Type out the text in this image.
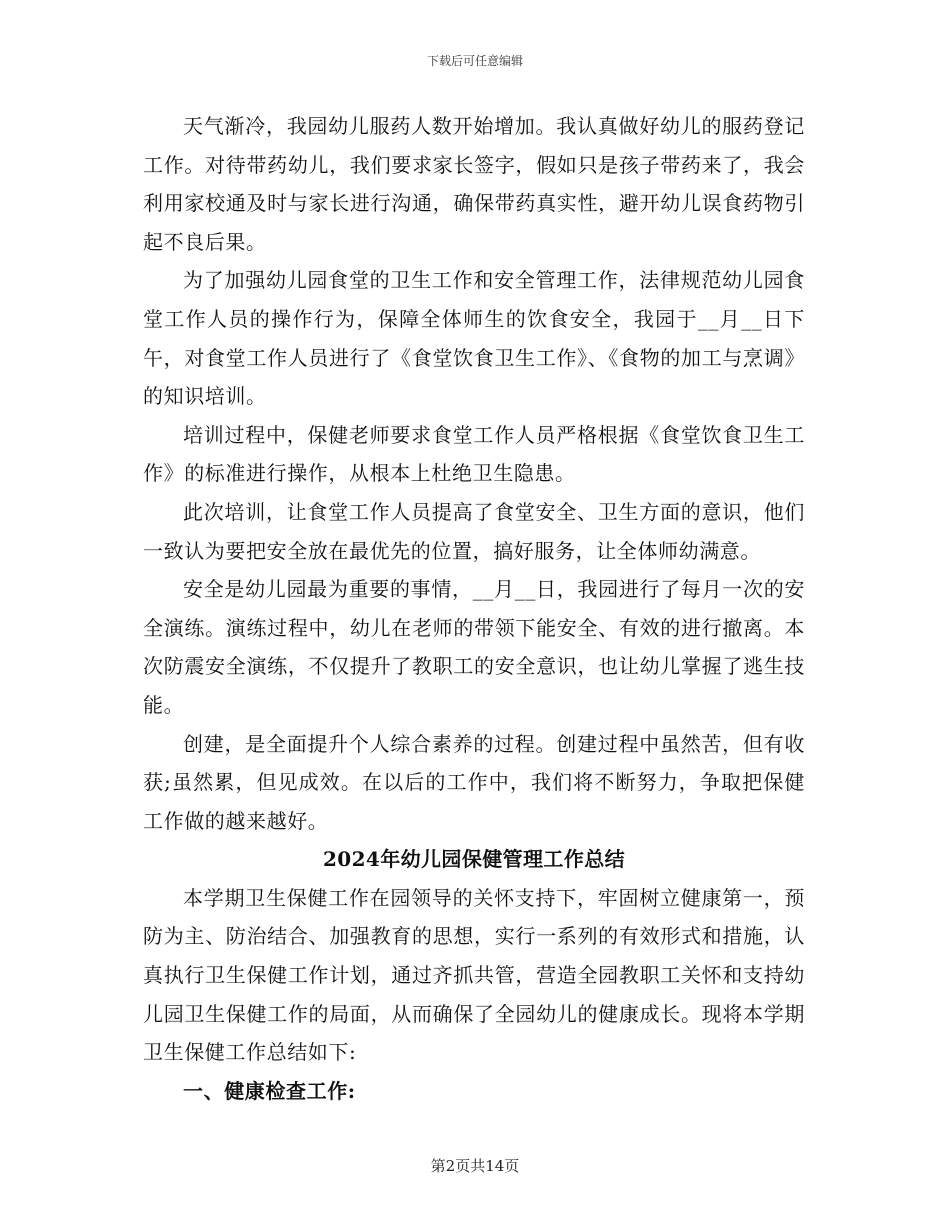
下载后可任意编辑

天气渐冷，我园幼儿服药人数开始增加。我认真做好幼儿的服药登记工作。对待带药幼儿，我们要求家长签字，假如只是孩子带药来了，我会利用家校通及时与家长进行沟通，确保带药真实性，避开幼儿误食药物引起不良后果。

为了加强幼儿园食堂的卫生工作和安全管理工作，法律规范幼儿园食堂工作人员的操作行为，保障全体师生的饮食安全，我园于__月__日下午，对食堂工作人员进行了《食堂饮食卫生工作》、《食物的加工与烹调》的知识培训。

培训过程中，保健老师要求食堂工作人员严格根据《食堂饮食卫生工作》的标准进行操作，从根本上杜绝卫生隐患。

此次培训，让食堂工作人员提高了食堂安全、卫生方面的意识，他们一致认为要把安全放在最优先的位置，搞好服务，让全体师幼满意。

安全是幼儿园最为重要的事情，__月__日，我园进行了每月一次的安全演练。演练过程中，幼儿在老师的带领下能安全、有效的进行撤离。本次防震安全演练，不仅提升了教职工的安全意识，也让幼儿掌握了逃生技能。

创建，是全面提升个人综合素养的过程。创建过程中虽然苦，但有收获;虽然累，但见成效。在以后的工作中，我们将不断努力，争取把保健工作做的越来越好。

2024年幼儿园保健管理工作总结

本学期卫生保健工作在园领导的关怀支持下，牢固树立健康第一，预防为主、防治结合、加强教育的思想，实行一系列的有效形式和措施，认真执行卫生保健工作计划，通过齐抓共管，营造全园教职工关怀和支持幼儿园卫生保健工作的局面，从而确保了全园幼儿的健康成长。现将本学期卫生保健工作总结如下:

一、健康检查工作:

第2页共14页
